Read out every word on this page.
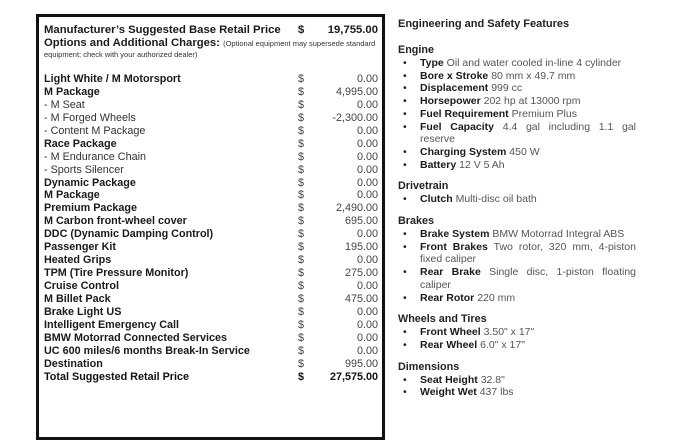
Manufacturer’s Suggested Base Retail Price $ 19,755.00
Options and Additional Charges: (Optional equipment may supersede standard equipment; check with your authorized dealer)
Light White / M Motorsport	$	0.00
M Package	$	4,995.00
- M Seat	$	0.00
- M Forged Wheels	$	-2,300.00
- Content M Package	$	0.00
Race Package	$	0.00
- M Endurance Chain	$	0.00
- Sports Silencer	$	0.00
Dynamic Package	$	0.00
M Package	$	0.00
Premium Package	$	2,490.00
M Carbon front-wheel cover	$	695.00
DDC (Dynamic Damping Control)	$	0.00
Passenger Kit	$	195.00
Heated Grips	$	0.00
TPM (Tire Pressure Monitor)	$	275.00
Cruise Control	$	0.00
M Billet Pack	$	475.00
Brake Light US	$	0.00
Intelligent Emergency Call	$	0.00
BMW Motorrad Connected Services	$	0.00
UC 600 miles/6 months Break-In Service	$	0.00
Destination	$	995.00
Total Suggested Retail Price	$ 27,575.00
Engineering and Safety Features
Engine
• Type Oil and water cooled in-line 4 cylinder
• Bore x Stroke 80 mm x 49.7 mm
• Displacement 999 cc
• Horsepower 202 hp at 13000 rpm
• Fuel Requirement Premium Plus
• Fuel Capacity 4.4 gal including 1.1 gal reserve
• Charging System 450 W
• Battery 12 V 5 Ah
Drivetrain
• Clutch Multi-disc oil bath
Brakes
• Brake System BMW Motorrad Integral ABS
• Front Brakes Two rotor, 320 mm, 4-piston fixed caliper
• Rear Brake Single disc, 1-piston floating caliper
• Rear Rotor 220 mm
Wheels and Tires
• Front Wheel 3.50" x 17"
• Rear Wheel 6.0" x 17"
Dimensions
• Seat Height 32.8"
• Weight Wet 437 lbs
